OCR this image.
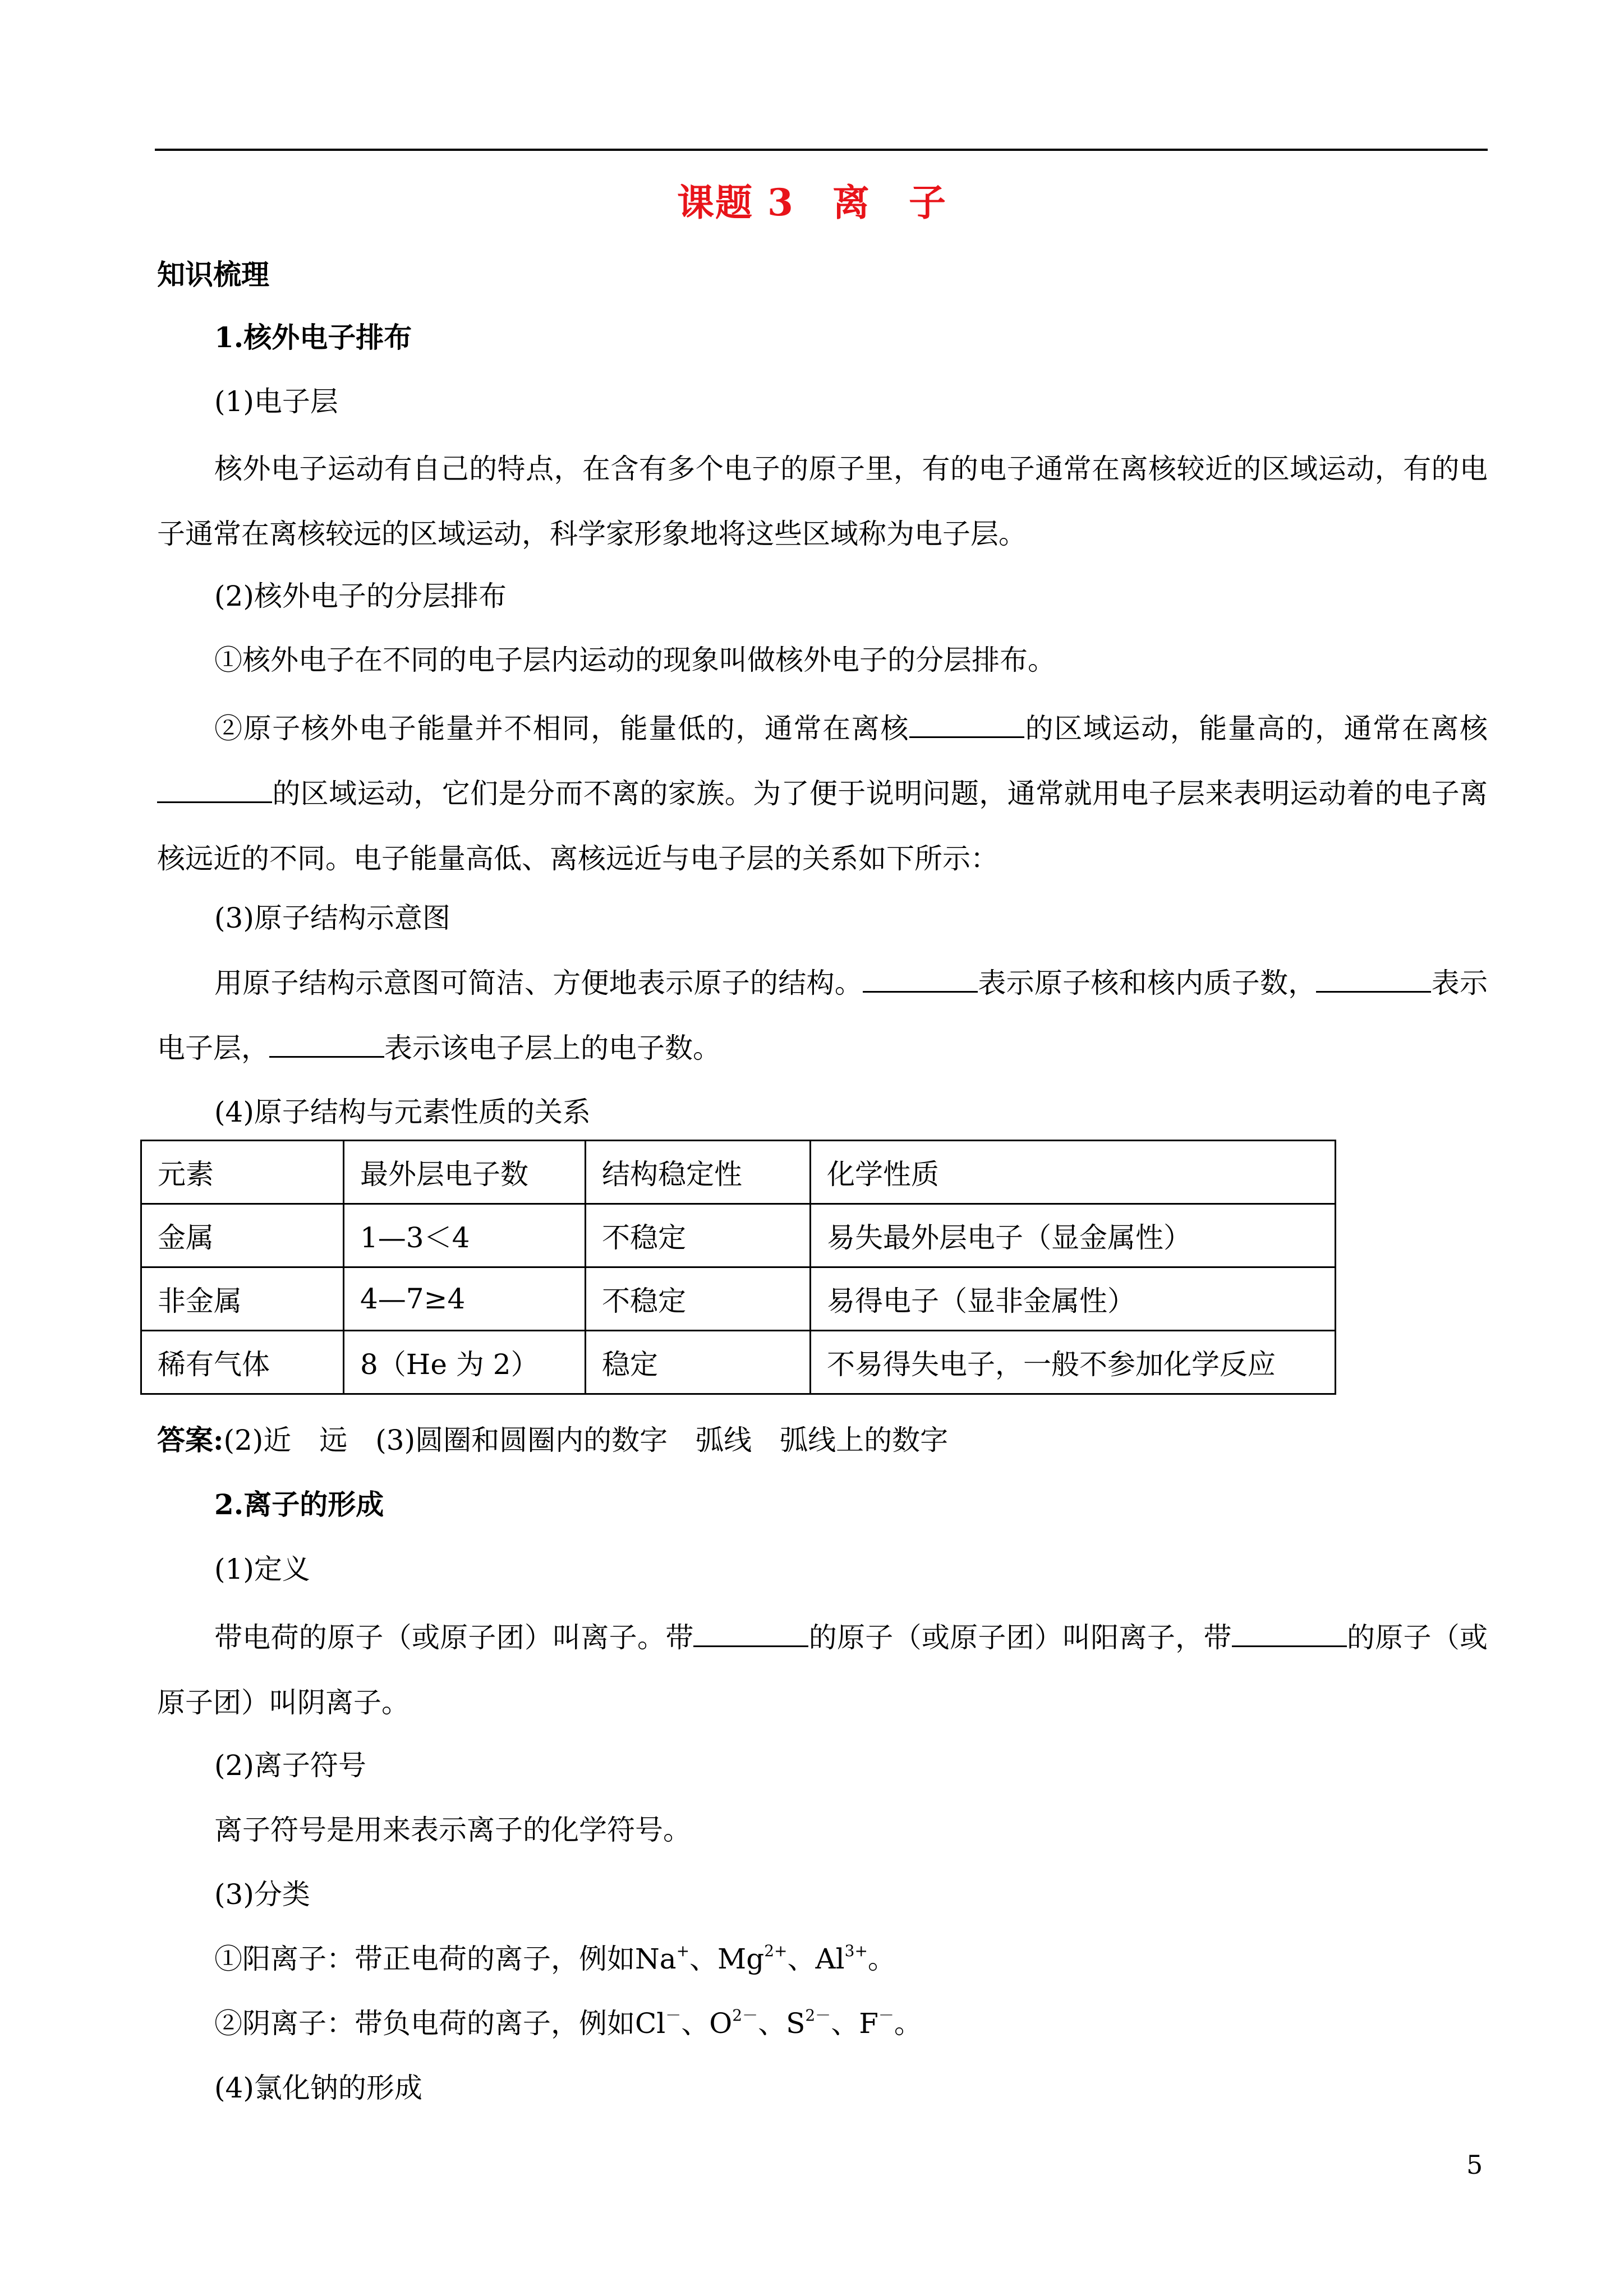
课题 3　离　子
知识梳理
1.核外电子排布
(1)电子层
核外电子运动有自己的特点，在含有多个电子的原子里，有的电子通常在离核较近的区域运动，有的电子通常在离核较远的区域运动，科学家形象地将这些区域称为电子层。
(2)核外电子的分层排布
①核外电子在不同的电子层内运动的现象叫做核外电子的分层排布。
②原子核外电子能量并不相同，能量低的，通常在离核	的区域运动，能量高的，通常在离核的区域运动，它们是分而不离的家族。为了便于说明问题，通常就用电子层来表明运动着的电子离核远近的不同。电子能量高低、离核远近与电子层的关系如下所示：
(3)原子结构示意图
用原子结构示意图可简洁、方便地表示原子的结构。	表示原子核和核内质子数，	表示电子层，	表示该电子层上的电子数。
(4)原子结构与元素性质的关系
元素	最外层电子数	结构稳定性	化学性质
金属	1—3＜4	不稳定	易失最外层电子（显金属性）
非金属	4—7≥4	不稳定	易得电子（显非金属性）
稀有气体	8（He 为 2）	稳定	不易得失电子，一般不参加化学反应
答案:(2)近　远　(3)圆圈和圆圈内的数字　弧线　弧线上的数字
2.离子的形成
(1)定义
带电荷的原子（或原子团）叫离子。带	的原子（或原子团）叫阳离子，带	的原子（或原子团）叫阴离子。
(2)离子符号
离子符号是用来表示离子的化学符号。
(3)分类
①阳离子：带正电荷的离子，例如Na+、$Mg^{2+}$、$Al^{3+}$。
②阴离子：带负电荷的离子，例如Cl－、$O^{2-}$、$S^{2-}$、F－。
(4)氯化钠的形成
5
